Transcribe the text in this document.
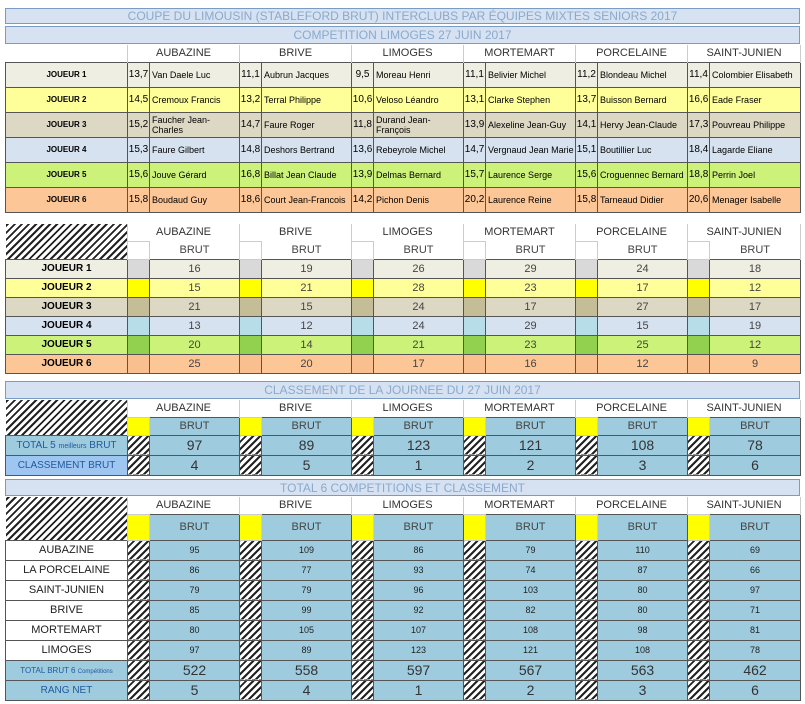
COUPE DU LIMOUSIN (STABLEFORD BRUT) INTERCLUBS PAR ÉQUIPES MIXTES SENIORS 2017
COMPETITION LIMOGES 27 JUIN 2017
	AUBAZINE		BRIVE		LIMOGES		MORTEMART		PORCELAINE		SAINT-JUNIEN	
JOUEUR 1	13,7	Van Daele Luc	11,1	Aubrun Jacques	9,5	Moreau Henri	11,1	Belivier Michel	11,2	Blondeau Michel	11,4	Colombier Elisabeth
JOUEUR 2	14,5	Cremoux Francis	13,2	Terral Philippe	10,6	Veloso Léandro	13,1	Clarke Stephen	13,7	Buisson Bernard	16,6	Eade Fraser
JOUEUR 3	15,2	Faucher Jean-Charles	14,7	Faure Roger	11,8	Durand Jean-François	13,9	Alexeline Jean-Guy	14,1	Hervy Jean-Claude	17,3	Pouvreau Philippe
JOUEUR 4	15,3	Faure Gilbert	14,8	Deshors Bertrand	13,6	Rebeyrole Michel	14,7	Vergnaud Jean Marie	15,1	Boutillier Luc	18,4	Lagarde Eliane
JOUEUR 5	15,6	Jouve Gérard	16,8	Billat Jean Claude	13,9	Delmas Bernard	15,7	Laurence Serge	15,6	Croguennec Bernard	18,8	Perrin Joel
JOUEUR 6	15,8	Boudaud Guy	18,6	Court Jean-Francois	14,2	Pichon Denis	20,2	Laurence Reine	15,8	Tarneaud Didier	20,6	Menager Isabelle
	AUBAZINE		BRIVE		LIMOGES		MORTEMART		PORCELAINE		SAINT-JUNIEN	
		BRUT		BRUT		BRUT		BRUT		BRUT		BRUT
JOUEUR 1		16		19		26		29		24		18
JOUEUR 2		15		21		28		23		17		12
JOUEUR 3		21		15		24		17		27		17
JOUEUR 4		13		12		24		29		15		19
JOUEUR 5		20		14		21		23		25		12
JOUEUR 6		25		20		17		16		12		9
CLASSEMENT DE LA JOURNEE DU 27 JUIN 2017
	AUBAZINE		BRIVE		LIMOGES		MORTEMART		PORCELAINE		SAINT-JUNIEN	
		BRUT		BRUT		BRUT		BRUT		BRUT		BRUT
TOTAL 5 meilleurs BRUT		97		89		123		121		108		78
CLASSEMENT BRUT		4		5		1		2		3		6
TOTAL 6 COMPETITIONS ET CLASSEMENT
	AUBAZINE		BRIVE		LIMOGES		MORTEMART		PORCELAINE		SAINT-JUNIEN	
		BRUT		BRUT		BRUT		BRUT		BRUT		BRUT
AUBAZINE		95		109		86		79		110		69
LA PORCELAINE		86		77		93		74		87		66
SAINT-JUNIEN		79		79		96		103		80		97
BRIVE		85		99		92		82		80		71
MORTEMART		80		105		107		108		98		81
LIMOGES		97		89		123		121		108		78
TOTAL BRUT 6 Compétitions		522		558		597		567		563		462
RANG NET		5		4		1		2		3		6
